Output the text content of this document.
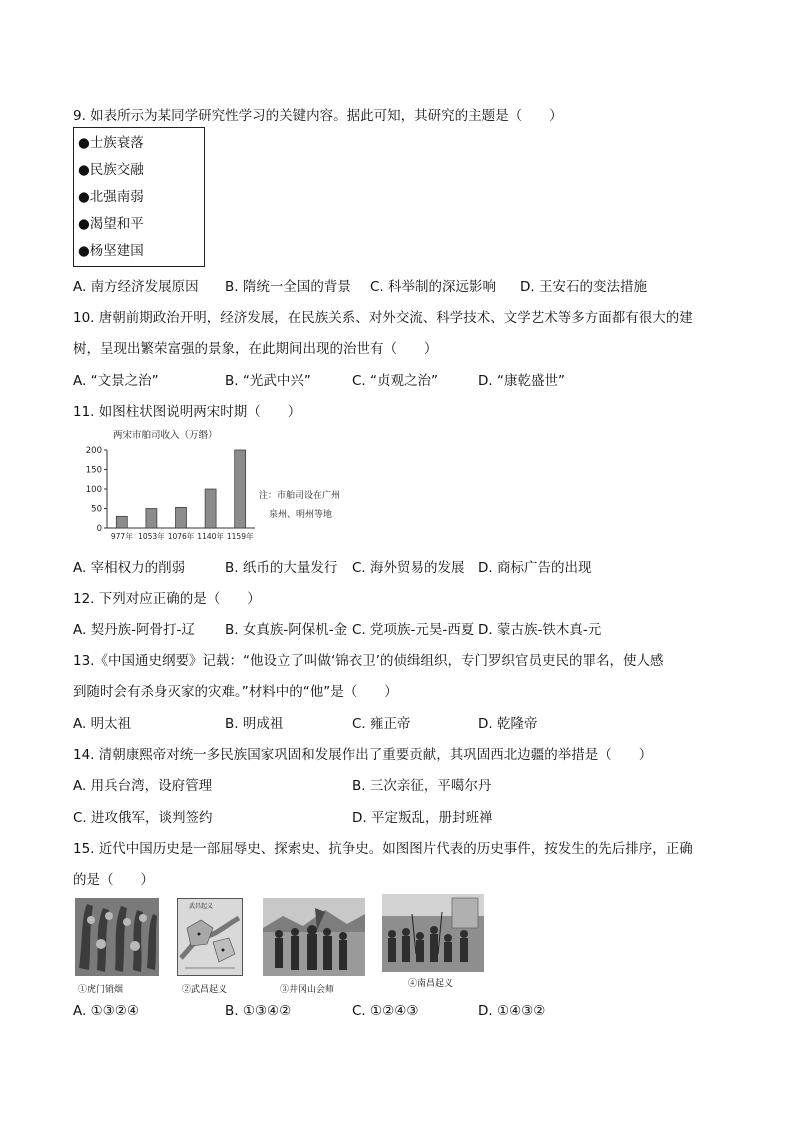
9. 如表所示为某同学研究性学习的关键内容。据此可知，其研究的主题是（　　）
●士族衰落
●民族交融
●北强南弱
●渴望和平
●杨坚建国
A. 南方经济发展原因 B. 隋统一全国的背景 C. 科举制的深远影响 D. 王安石的变法措施
10. 唐朝前期政治开明，经济发展，在民族关系、对外交流、科学技术、文学艺术等多方面都有很大的建
树，呈现出繁荣富强的景象，在此期间出现的治世有（　　）
A. “文景之治”	B. “光武中兴”	C. “贞观之治”	D. “康乾盛世”
11. 如图柱状图说明两宋时期（　　）
两宋市舶司收入（万缗）
0
50
100
150
200
977年 1053年 1076年 1140年 1159年
注：市舶司设在广州
泉州、明州等地
A. 宰相权力的削弱	B. 纸币的大量发行 C. 海外贸易的发展 D. 商标广告的出现
12. 下列对应正确的是（　　）
A. 契丹族-阿骨打-辽 B. 女真族-阿保机-金 C. 党项族-元昊-西夏 D. 蒙古族-铁木真-元
13.《中国通史纲要》记载：“他设立了叫做‘锦衣卫’的侦缉组织，专门罗织官员吏民的罪名，使人感
到随时会有杀身灭家的灾难。”材料中的“他”是（　　）
A. 明太祖	B. 明成祖	C. 雍正帝	D. 乾隆帝
14. 清朝康熙帝对统一多民族国家巩固和发展作出了重要贡献，其巩固西北边疆的举措是（　　）
A. 用兵台湾，设府管理	B. 三次亲征，平噶尔丹
C. 进攻俄军，谈判签约	D. 平定叛乱，册封班禅
15. 近代中国历史是一部屈辱史、探索史、抗争史。如图图片代表的历史事件，按发生的先后排序，正确
的是（　　）
①虎门销烟
武昌起义
②武昌起义	③井冈山会师
④南昌起义
A. ①③②④	B. ①③④②	C. ①②④③	D. ①④③②
